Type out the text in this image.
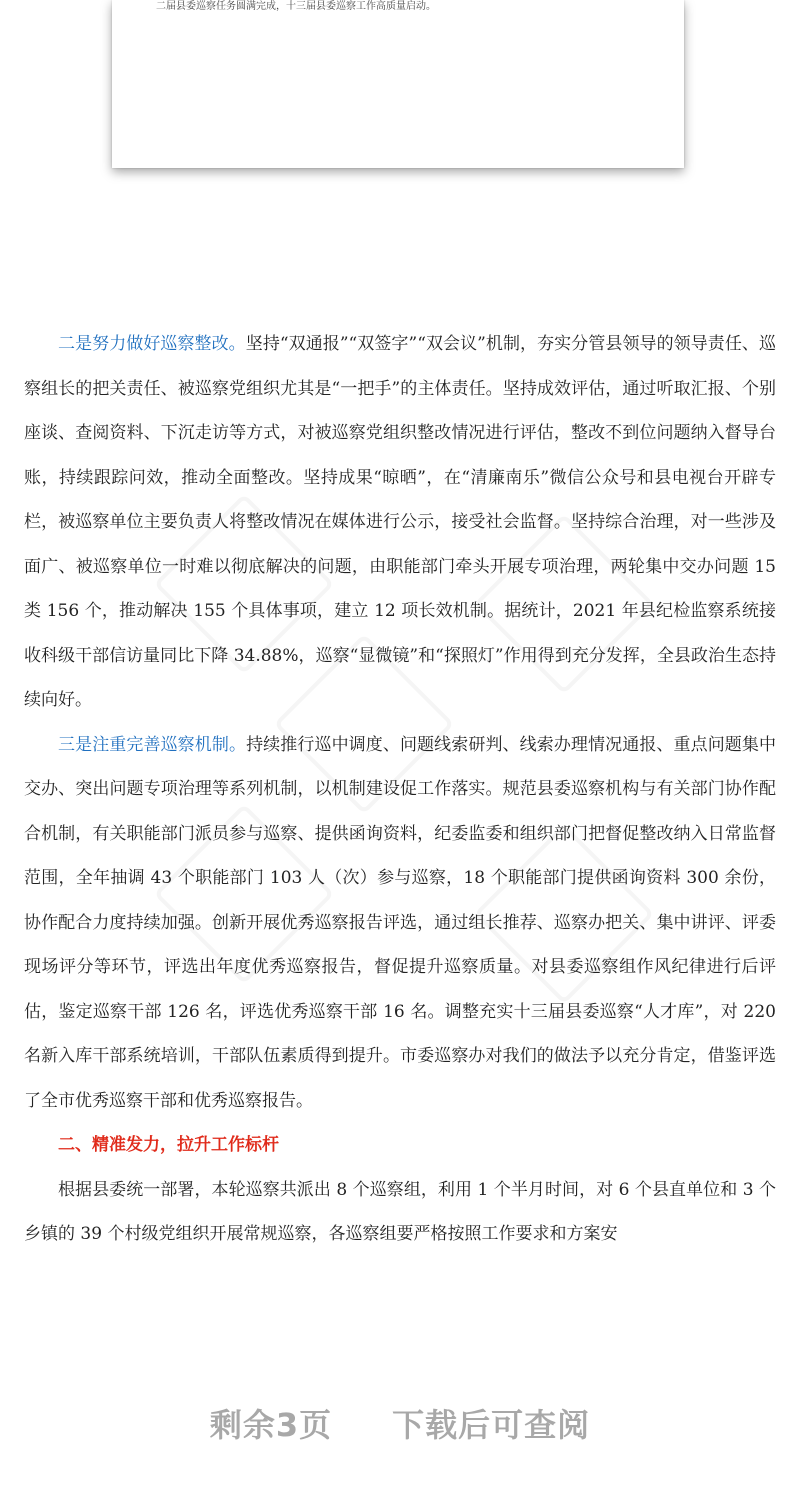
二届县委巡察任务圆满完成，十三届县委巡察工作高质量启动。

二是努力做好巡察整改。坚持“双通报”“双签字”“双会议”机制，夯实分管县领导的领导责任、巡察组长的把关责任、被巡察党组织尤其是“一把手”的主体责任。坚持成效评估，通过听取汇报、个别座谈、查阅资料、下沉走访等方式，对被巡察党组织整改情况进行评估，整改不到位问题纳入督导台账，持续跟踪问效，推动全面整改。坚持成果“晾晒”，在“清廉南乐”微信公众号和县电视台开辟专栏，被巡察单位主要负责人将整改情况在媒体进行公示，接受社会监督。坚持综合治理，对一些涉及面广、被巡察单位一时难以彻底解决的问题，由职能部门牵头开展专项治理，两轮集中交办问题 15 类 156 个，推动解决 155 个具体事项，建立 12 项长效机制。据统计，2021 年县纪检监察系统接收科级干部信访量同比下降 34.88%，巡察“显微镜”和“探照灯”作用得到充分发挥，全县政治生态持续向好。

三是注重完善巡察机制。持续推行巡中调度、问题线索研判、线索办理情况通报、重点问题集中交办、突出问题专项治理等系列机制，以机制建设促工作落实。规范县委巡察机构与有关部门协作配合机制，有关职能部门派员参与巡察、提供函询资料，纪委监委和组织部门把督促整改纳入日常监督范围，全年抽调 43 个职能部门 103 人（次）参与巡察，18 个职能部门提供函询资料 300 余份，协作配合力度持续加强。创新开展优秀巡察报告评选，通过组长推荐、巡察办把关、集中讲评、评委现场评分等环节，评选出年度优秀巡察报告，督促提升巡察质量。对县委巡察组作风纪律进行后评估，鉴定巡察干部 126 名，评选优秀巡察干部 16 名。调整充实十三届县委巡察“人才库”，对 220 名新入库干部系统培训，干部队伍素质得到提升。市委巡察办对我们的做法予以充分肯定，借鉴评选了全市优秀巡察干部和优秀巡察报告。

二、精准发力，拉升工作标杆

根据县委统一部署，本轮巡察共派出 8 个巡察组，利用 1 个半月时间，对 6 个县直单位和 3 个乡镇的 39 个村级党组织开展常规巡察，各巡察组要严格按照工作要求和方案安

剩余3页 下载后可查阅
